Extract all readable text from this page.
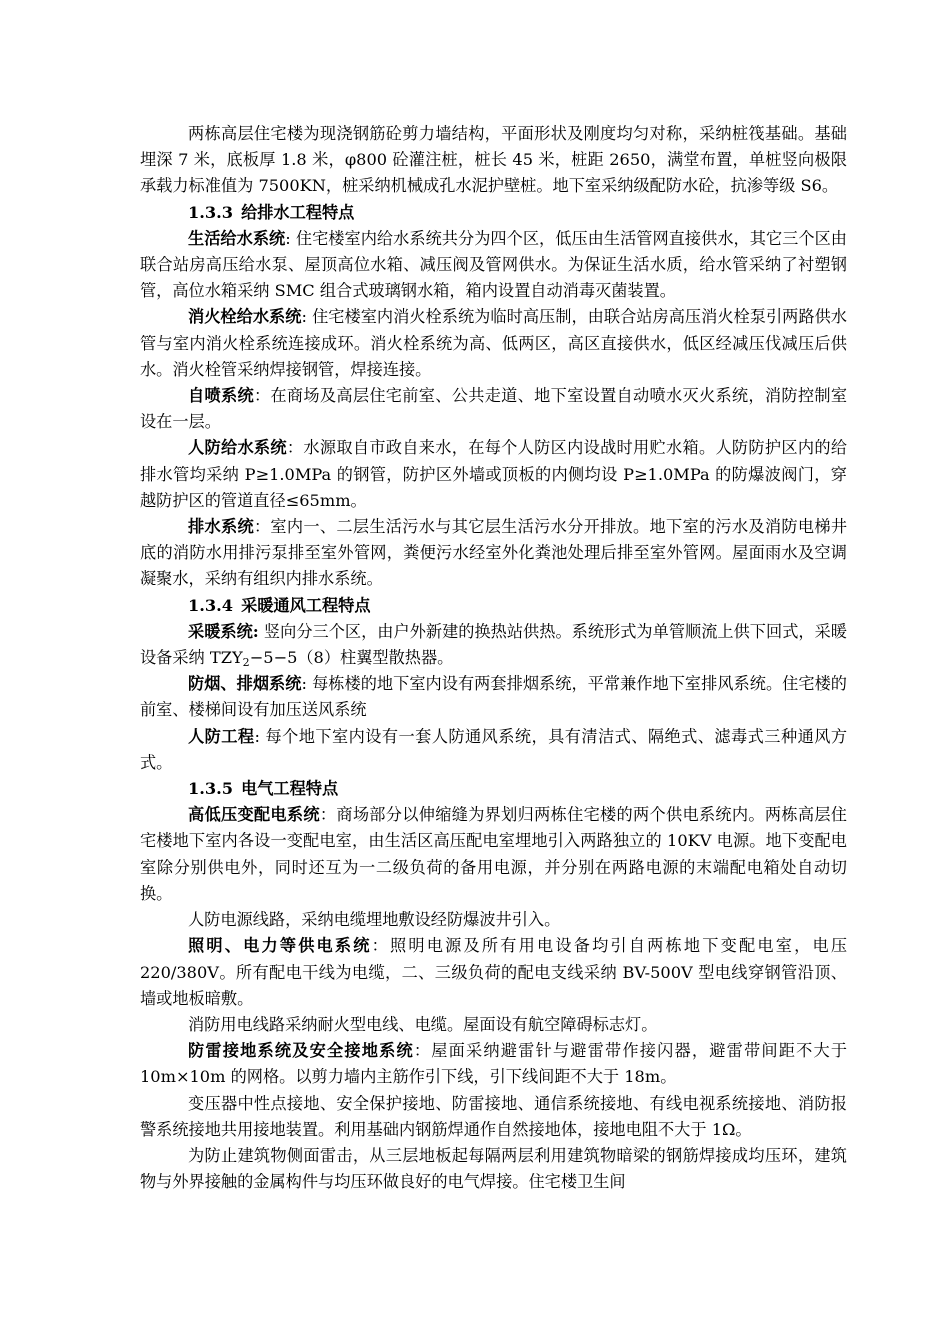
两栋高层住宅楼为现浇钢筋砼剪力墙结构，平面形状及刚度均匀对称，采纳桩筏基础。基础埋深 7 米，底板厚 1.8 米，φ800 砼灌注桩，桩长 45 米，桩距 2650，满堂布置，单桩竖向极限承载力标准值为 7500KN，桩采纳机械成孔水泥护壁桩。地下室采纳级配防水砼，抗渗等级 S6。

1.3.3 给排水工程特点

生活给水系统: 住宅楼室内给水系统共分为四个区，低压由生活管网直接供水，其它三个区由联合站房高压给水泵、屋顶高位水箱、减压阀及管网供水。为保证生活水质，给水管采纳了衬塑钢管，高位水箱采纳 SMC 组合式玻璃钢水箱，箱内设置自动消毒灭菌装置。

消火栓给水系统: 住宅楼室内消火栓系统为临时高压制，由联合站房高压消火栓泵引两路供水管与室内消火栓系统连接成环。消火栓系统为高、低两区，高区直接供水，低区经减压伐减压后供水。消火栓管采纳焊接钢管，焊接连接。

自喷系统：在商场及高层住宅前室、公共走道、地下室设置自动喷水灭火系统，消防控制室设在一层。

人防给水系统：水源取自市政自来水，在每个人防区内设战时用贮水箱。人防防护区内的给排水管均采纳 P≥1.0MPa 的钢管，防护区外墙或顶板的内侧均设 P≥1.0MPa 的防爆波阀门，穿越防护区的管道直径≤65mm。

排水系统：室内一、二层生活污水与其它层生活污水分开排放。地下室的污水及消防电梯井底的消防水用排污泵排至室外管网，粪便污水经室外化粪池处理后排至室外管网。屋面雨水及空调凝聚水，采纳有组织内排水系统。

1.3.4 采暖通风工程特点

采暖系统: 竖向分三个区，由户外新建的换热站供热。系统形式为单管顺流上供下回式，采暖设备采纳 $TZY_2-5-5(8)$柱翼型散热器。

防烟、排烟系统: 每栋楼的地下室内设有两套排烟系统，平常兼作地下室排风系统。住宅楼的前室、楼梯间设有加压送风系统

人防工程: 每个地下室内设有一套人防通风系统，具有清洁式、隔绝式、滤毒式三种通风方式。

1.3.5 电气工程特点

高低压变配电系统：商场部分以伸缩缝为界划归两栋住宅楼的两个供电系统内。两栋高层住宅楼地下室内各设一变配电室，由生活区高压配电室埋地引入两路独立的 10KV 电源。地下变配电室除分别供电外，同时还互为一二级负荷的备用电源，并分别在两路电源的末端配电箱处自动切换。

人防电源线路，采纳电缆埋地敷设经防爆波井引入。

照明、电力等供电系统：照明电源及所有用电设备均引自两栋地下变配电室，电压 220/380V。所有配电干线为电缆，二、三级负荷的配电支线采纳 BV-500V 型电线穿钢管沿顶、墙或地板暗敷。

消防用电线路采纳耐火型电线、电缆。屋面设有航空障碍标志灯。

防雷接地系统及安全接地系统：屋面采纳避雷针与避雷带作接闪器，避雷带间距不大于 10m×10m 的网格。以剪力墙内主筋作引下线，引下线间距不大于 18m。

变压器中性点接地、安全保护接地、防雷接地、通信系统接地、有线电视系统接地、消防报警系统接地共用接地装置。利用基础内钢筋焊通作自然接地体，接地电阻不大于 1Ω。

为防止建筑物侧面雷击，从三层地板起每隔两层利用建筑物暗梁的钢筋焊接成均压环，建筑物与外界接触的金属构件与均压环做良好的电气焊接。住宅楼卫生间
